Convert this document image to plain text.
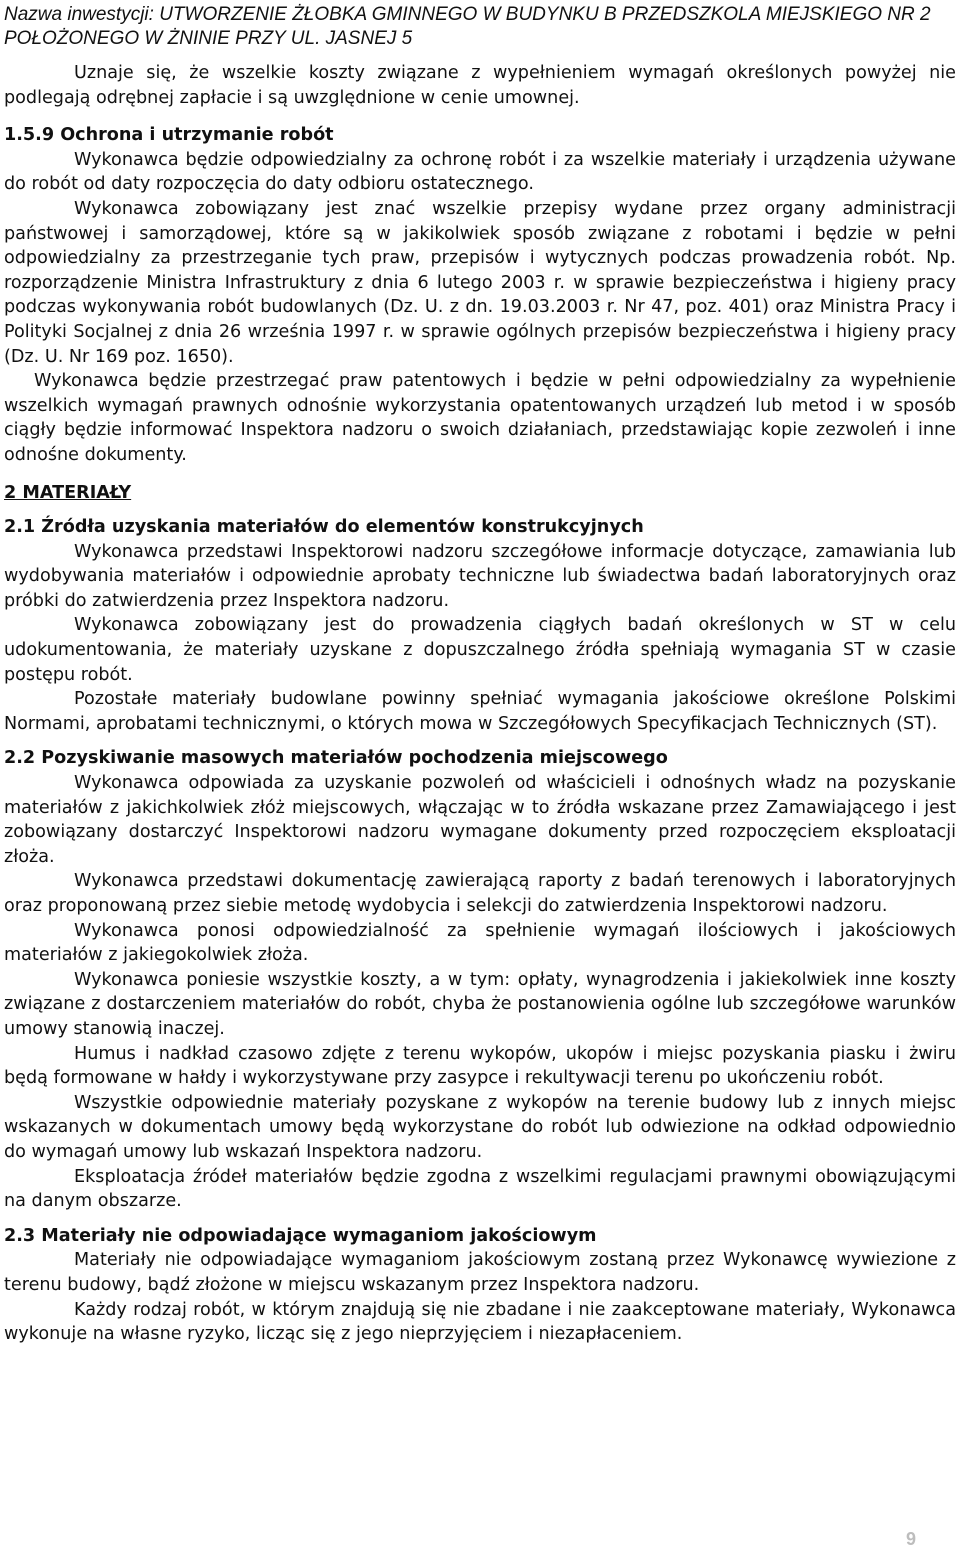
Nazwa inwestycji: UTWORZENIE ŻŁOBKA GMINNEGO W BUDYNKU B PRZEDSZKOLA MIEJSKIEGO NR 2
POŁOŻONEGO W ŻNINIE PRZY UL. JASNEJ 5

Uznaje się, że wszelkie koszty związane z wypełnieniem wymagań określonych powyżej nie podlegają odrębnej zapłacie i są uwzględnione w cenie umownej.

1.5.9 Ochrona i utrzymanie robót

Wykonawca będzie odpowiedzialny za ochronę robót i za wszelkie materiały i urządzenia używane do robót od daty rozpoczęcia do daty odbioru ostatecznego.

Wykonawca zobowiązany jest znać wszelkie przepisy wydane przez organy administracji państwowej i samorządowej, które są w jakikolwiek sposób związane z robotami i będzie w pełni odpowiedzialny za przestrzeganie tych praw, przepisów i wytycznych podczas prowadzenia robót. Np. rozporządzenie Ministra Infrastruktury z dnia 6 lutego 2003 r. w sprawie bezpieczeństwa i higieny pracy podczas wykonywania robót budowlanych (Dz. U. z dn. 19.03.2003 r. Nr 47, poz. 401) oraz Ministra Pracy i Polityki Socjalnej z dnia 26 września 1997 r. w sprawie ogólnych przepisów bezpieczeństwa i higieny pracy (Dz. U. Nr 169 poz. 1650).

Wykonawca będzie przestrzegać praw patentowych i będzie w pełni odpowiedzialny za wypełnienie wszelkich wymagań prawnych odnośnie wykorzystania opatentowanych urządzeń lub metod i w sposób ciągły będzie informować Inspektora nadzoru o swoich działaniach, przedstawiając kopie zezwoleń i inne odnośne dokumenty.

2 MATERIAŁY

2.1 Źródła uzyskania materiałów do elementów konstrukcyjnych

Wykonawca przedstawi Inspektorowi nadzoru szczegółowe informacje dotyczące, zamawiania lub wydobywania materiałów i odpowiednie aprobaty techniczne lub świadectwa badań laboratoryjnych oraz próbki do zatwierdzenia przez Inspektora nadzoru.

Wykonawca zobowiązany jest do prowadzenia ciągłych badań określonych w ST w celu udokumentowania, że materiały uzyskane z dopuszczalnego źródła spełniają wymagania ST w czasie postępu robót.

Pozostałe materiały budowlane powinny spełniać wymagania jakościowe określone Polskimi Normami, aprobatami technicznymi, o których mowa w Szczegółowych Specyfikacjach Technicznych (ST).

2.2 Pozyskiwanie masowych materiałów pochodzenia miejscowego

Wykonawca odpowiada za uzyskanie pozwoleń od właścicieli i odnośnych władz na pozyskanie materiałów z jakichkolwiek złóż miejscowych, włączając w to źródła wskazane przez Zamawiającego i jest zobowiązany dostarczyć Inspektorowi nadzoru wymagane dokumenty przed rozpoczęciem eksploatacji złoża.

Wykonawca przedstawi dokumentację zawierającą raporty z badań terenowych i laboratoryjnych oraz proponowaną przez siebie metodę wydobycia i selekcji do zatwierdzenia Inspektorowi nadzoru.

Wykonawca ponosi odpowiedzialność za spełnienie wymagań ilościowych i jakościowych materiałów z jakiegokolwiek złoża.

Wykonawca poniesie wszystkie koszty, a w tym: opłaty, wynagrodzenia i jakiekolwiek inne koszty związane z dostarczeniem materiałów do robót, chyba że postanowienia ogólne lub szczegółowe warunków umowy stanowią inaczej.

Humus i nadkład czasowo zdjęte z terenu wykopów, ukopów i miejsc pozyskania piasku i żwiru będą formowane w hałdy i wykorzystywane przy zasypce i rekultywacji terenu po ukończeniu robót.

Wszystkie odpowiednie materiały pozyskane z wykopów na terenie budowy lub z innych miejsc wskazanych w dokumentach umowy będą wykorzystane do robót lub odwiezione na odkład odpowiednio do wymagań umowy lub wskazań Inspektora nadzoru.

Eksploatacja źródeł materiałów będzie zgodna z wszelkimi regulacjami prawnymi obowiązującymi na danym obszarze.

2.3 Materiały nie odpowiadające wymaganiom jakościowym

Materiały nie odpowiadające wymaganiom jakościowym zostaną przez Wykonawcę wywiezione z terenu budowy, bądź złożone w miejscu wskazanym przez Inspektora nadzoru.

Każdy rodzaj robót, w którym znajdują się nie zbadane i nie zaakceptowane materiały, Wykonawca wykonuje na własne ryzyko, licząc się z jego nieprzyjęciem i niezapłaceniem.

9
